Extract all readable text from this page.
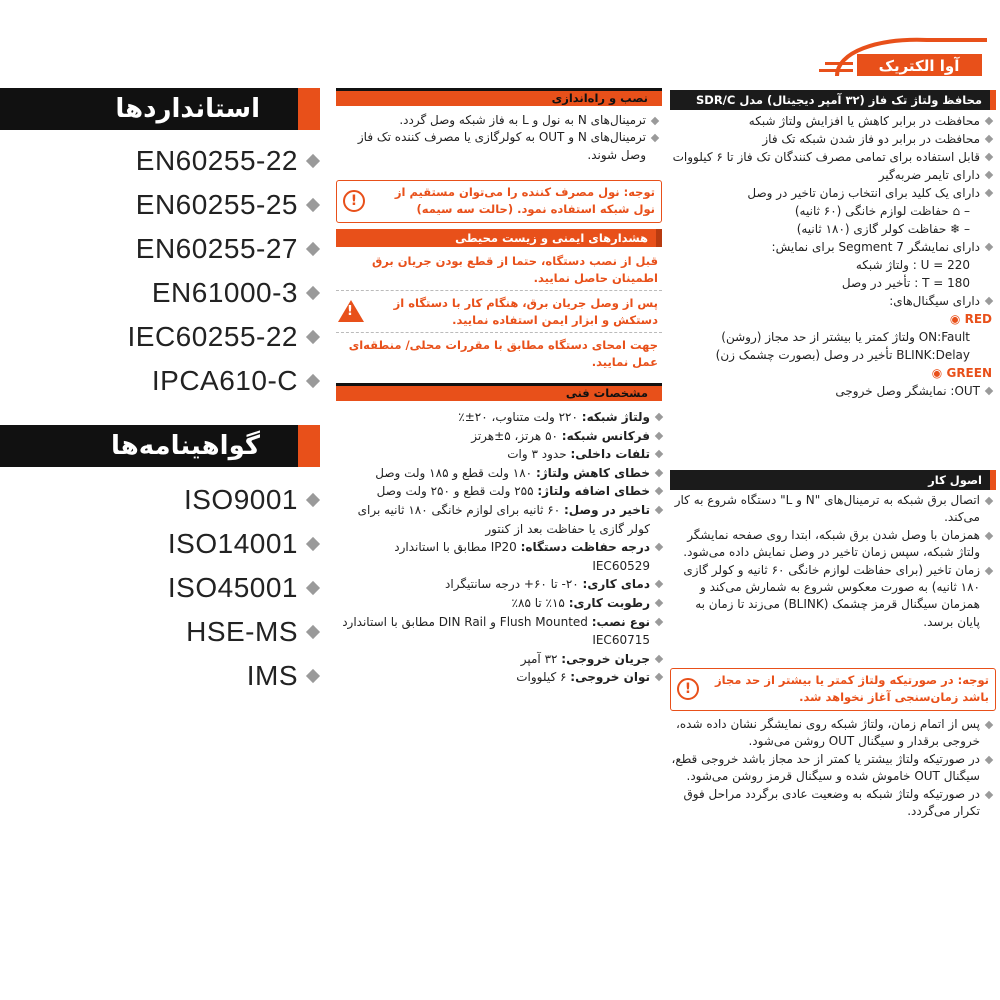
استانداردها
EN60255-22
EN60255-25
EN60255-27
EN61000-3
IEC60255-22
IPCA610-C
گواهینامه‌ها
ISO9001
ISO14001
ISO45001
HSE-MS
IMS
نصب و راه‌اندازی
ترمینال‌های N به نول و L به فاز شبکه وصل گردد.
ترمینال‌های N و OUT به کولرگازی یا مصرف کننده تک فاز وصل شوند.
توجه: نول مصرف کننده را می‌توان مستقیم از نول شبکه استفاده نمود. (حالت سه سیمه)
!
هشدارهای ایمنی و زیست محیطی
قبل از نصب دستگاه، حتما از قطع بودن جریان برق اطمینان حاصل نمایید.
پس از وصل جریان برق، هنگام کار با دستگاه از دستکش و ابزار ایمن استفاده نمایید.
!
جهت امحای دستگاه مطابق با مقررات محلی/ منطقه‌ای عمل نمایید.
مشخصات فنی
ولتاژ شبکه: ۲۲۰ ولت متناوب، ۲۰±٪
فرکانس شبکه: ۵۰ هرتز، ۵±هرتز
تلفات داخلی: حدود ۳ وات
خطای کاهش ولتاژ: ۱۸۰ ولت قطع و ۱۸۵ ولت وصل
خطای اضافه ولتاژ: ۲۵۵ ولت قطع و ۲۵۰ ولت وصل
تاخیر در وصل: ۶۰ ثانیه برای لوازم خانگی ۱۸۰ ثانیه برای کولر گازی یا حفاظت بعد از کنتور
درجه حفاظت دستگاه: IP20 مطابق با استاندارد IEC60529
دمای کاری: ۲۰- تا ۶۰+ درجه سانتیگراد
رطوبت کاری: ۱۵٪ تا ۸۵٪
نوع نصب: Flush Mounted و DIN Rail مطابق با استاندارد IEC60715
جریان خروجی: ۳۲ آمپر
توان خروجی: ۶ کیلووات
آوا الکتریک
محافظ ولتاژ تک فاز (۳۲ آمپر دیجیتال) مدل SDR/C
محافظت در برابر کاهش یا افزایش ولتاژ شبکه
محافظت در برابر دو فاز شدن شبکه تک فاز
قابل استفاده برای تمامی مصرف کنندگان تک فاز تا ۶ کیلووات
دارای تایمر ضربه‌گیر
دارای یک کلید برای انتخاب زمان تاخیر در وصل
– ⌂ حفاظت لوازم خانگی (۶۰ ثانیه)
– ❄ حفاظت کولر گازی (۱۸۰ ثانیه)
دارای نمایشگر 7 Segment برای نمایش:
220 = U : ولتاژ شبکه
180 = T : تأخیر در وصل
دارای سیگنال‌های:
RED ◉
ON:Fault ولتاژ کمتر یا بیشتر از حد مجاز (روشن)
BLINK:Delay تأخیر در وصل (بصورت چشمک زن)
GREEN ◉
OUT: نمایشگر وصل خروجی
اصول کار
اتصال برق شبکه به ترمینال‌های "N و L" دستگاه شروع به کار می‌کند.
همزمان با وصل شدن برق شبکه، ابتدا روی صفحه نمایشگر ولتاژ شبکه، سپس زمان تاخیر در وصل نمایش داده می‌شود.
زمان تاخیر (برای حفاظت لوازم خانگی ۶۰ ثانیه و کولر گازی ۱۸۰ ثانیه) به صورت معکوس شروع به شمارش می‌کند و همزمان سیگنال قرمز چشمک (BLINK) می‌زند تا زمان به پایان برسد.
توجه: در صورتیکه ولتاژ کمتر یا بیشتر از حد مجاز باشد زمان‌سنجی آغاز نخواهد شد.
!
پس از اتمام زمان، ولتاژ شبکه روی نمایشگر نشان داده شده، خروجی برقدار و سیگنال OUT روشن می‌شود.
در صورتیکه ولتاژ بیشتر یا کمتر از حد مجاز باشد خروجی قطع، سیگنال OUT خاموش شده و سیگنال قرمز روشن می‌شود.
در صورتیکه ولتاژ شبکه به وضعیت عادی برگردد مراحل فوق تکرار می‌گردد.
